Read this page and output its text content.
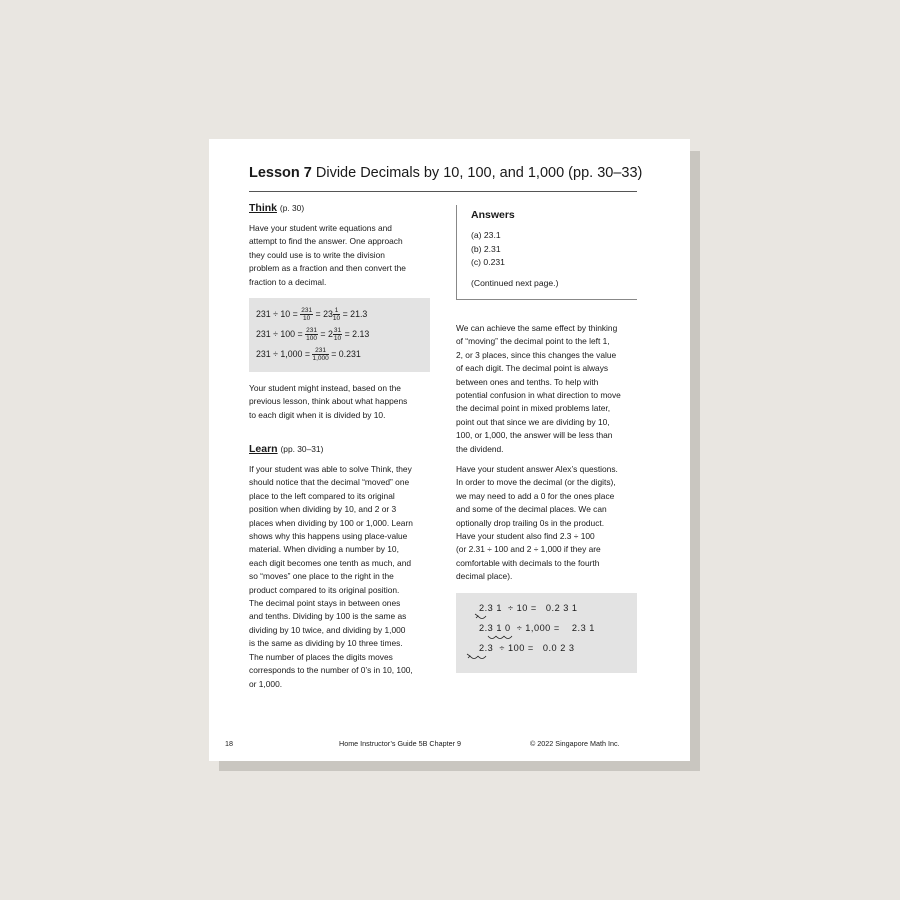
Lesson 7 Divide Decimals by 10, 100, and 1,000 (pp. 30–33)
Think (p. 30)
Have your student write equations and
attempt to find the answer. One approach
they could use is to write the division
problem as a fraction and then convert the
fraction to a decimal.
$231 \div 10 = \frac{231}{10} = 23 \frac{1}{10} = 21.3$
$231 \div 100 = \frac{231}{100} = 2 \frac{31}{10} = 2.13$
$231 \div 1,000 = \frac{231}{1,000} = 0.231$
Your student might instead, based on the
previous lesson, think about what happens
to each digit when it is divided by 10.
Learn (pp. 30–31)
If your student was able to solve Think, they
should notice that the decimal “moved” one
place to the left compared to its original
position when dividing by 10, and 2 or 3
places when dividing by 100 or 1,000. Learn
shows why this happens using place-value
material. When dividing a number by 10,
each digit becomes one tenth as much, and
so “moves” one place to the right in the
product compared to its original position.
The decimal point stays in between ones
and tenths. Dividing by 100 is the same as
dividing by 10 twice, and dividing by 1,000
is the same as dividing by 10 three times.
The number of places the digits moves
corresponds to the number of 0’s in 10, 100,
or 1,000.
Answers
(a) 23.1
(b) 2.31
(c) 0.231
(Continued next page.)
We can achieve the same effect by thinking
of “moving” the decimal point to the left 1,
2, or 3 places, since this changes the value
of each digit. The decimal point is always
between ones and tenths. To help with
potential confusion in what direction to move
the decimal point in mixed problems later,
point out that since we are dividing by 10,
100, or 1,000, the answer will be less than
the dividend.
Have your student answer Alex’s questions.
In order to move the decimal (or the digits),
we may need to add a 0 for the ones place
and some of the decimal places. We can
optionally drop trailing 0s in the product.
Have your student also find 2.3 ÷ 100
(or 2.31 ÷ 100 and 2 ÷ 1,000 if they are
comfortable with decimals to the fourth
decimal place).
2.3 1  ÷ 10 =   0.2 3 1
2.3 1 0  ÷ 1,000 =    2.3 1
2.3  ÷ 100 =   0.0 2 3
18	Home Instructor’s Guide 5B Chapter 9	© 2022 Singapore Math Inc.
